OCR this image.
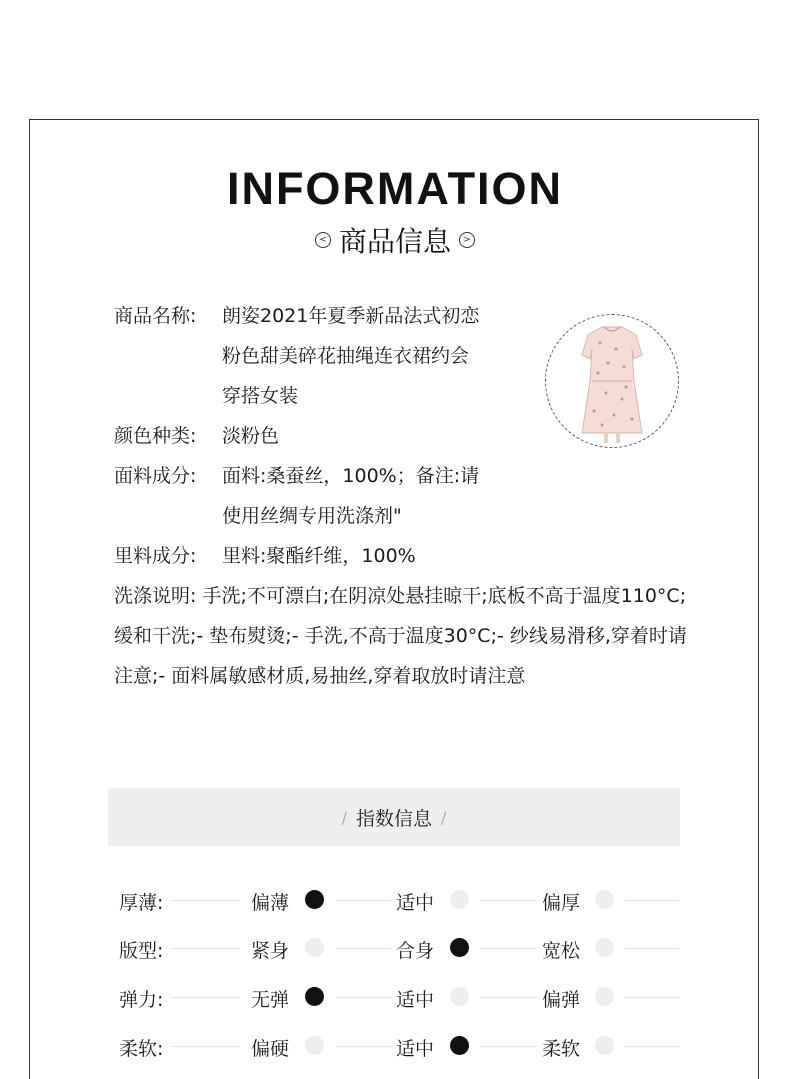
INFORMATION
< 商品信息	>
商品名称:	朗姿2021年夏季新品法式初恋
粉色甜美碎花抽绳连衣裙约会
穿搭女装
颜色种类:	淡粉色
面料成分:	面料:桑蚕丝，100%；备注:请
使用丝绸专用洗涤剂"
里料成分:	里料:聚酯纤维，100%
洗涤说明: 手洗;不可漂白;在阴凉处悬挂晾干;底板不高于温度110°C;缓和干洗;- 垫布熨烫;- 手洗,不高于温度30°C;- 纱线易滑移,穿着时请注意;- 面料属敏感材质,易抽丝,穿着取放时请注意
/ 指数信息 /
厚薄:	偏薄	适中	偏厚
版型:	紧身	合身	宽松
弹力:	无弹	适中	偏弹
柔软:	偏硬	适中	柔软
